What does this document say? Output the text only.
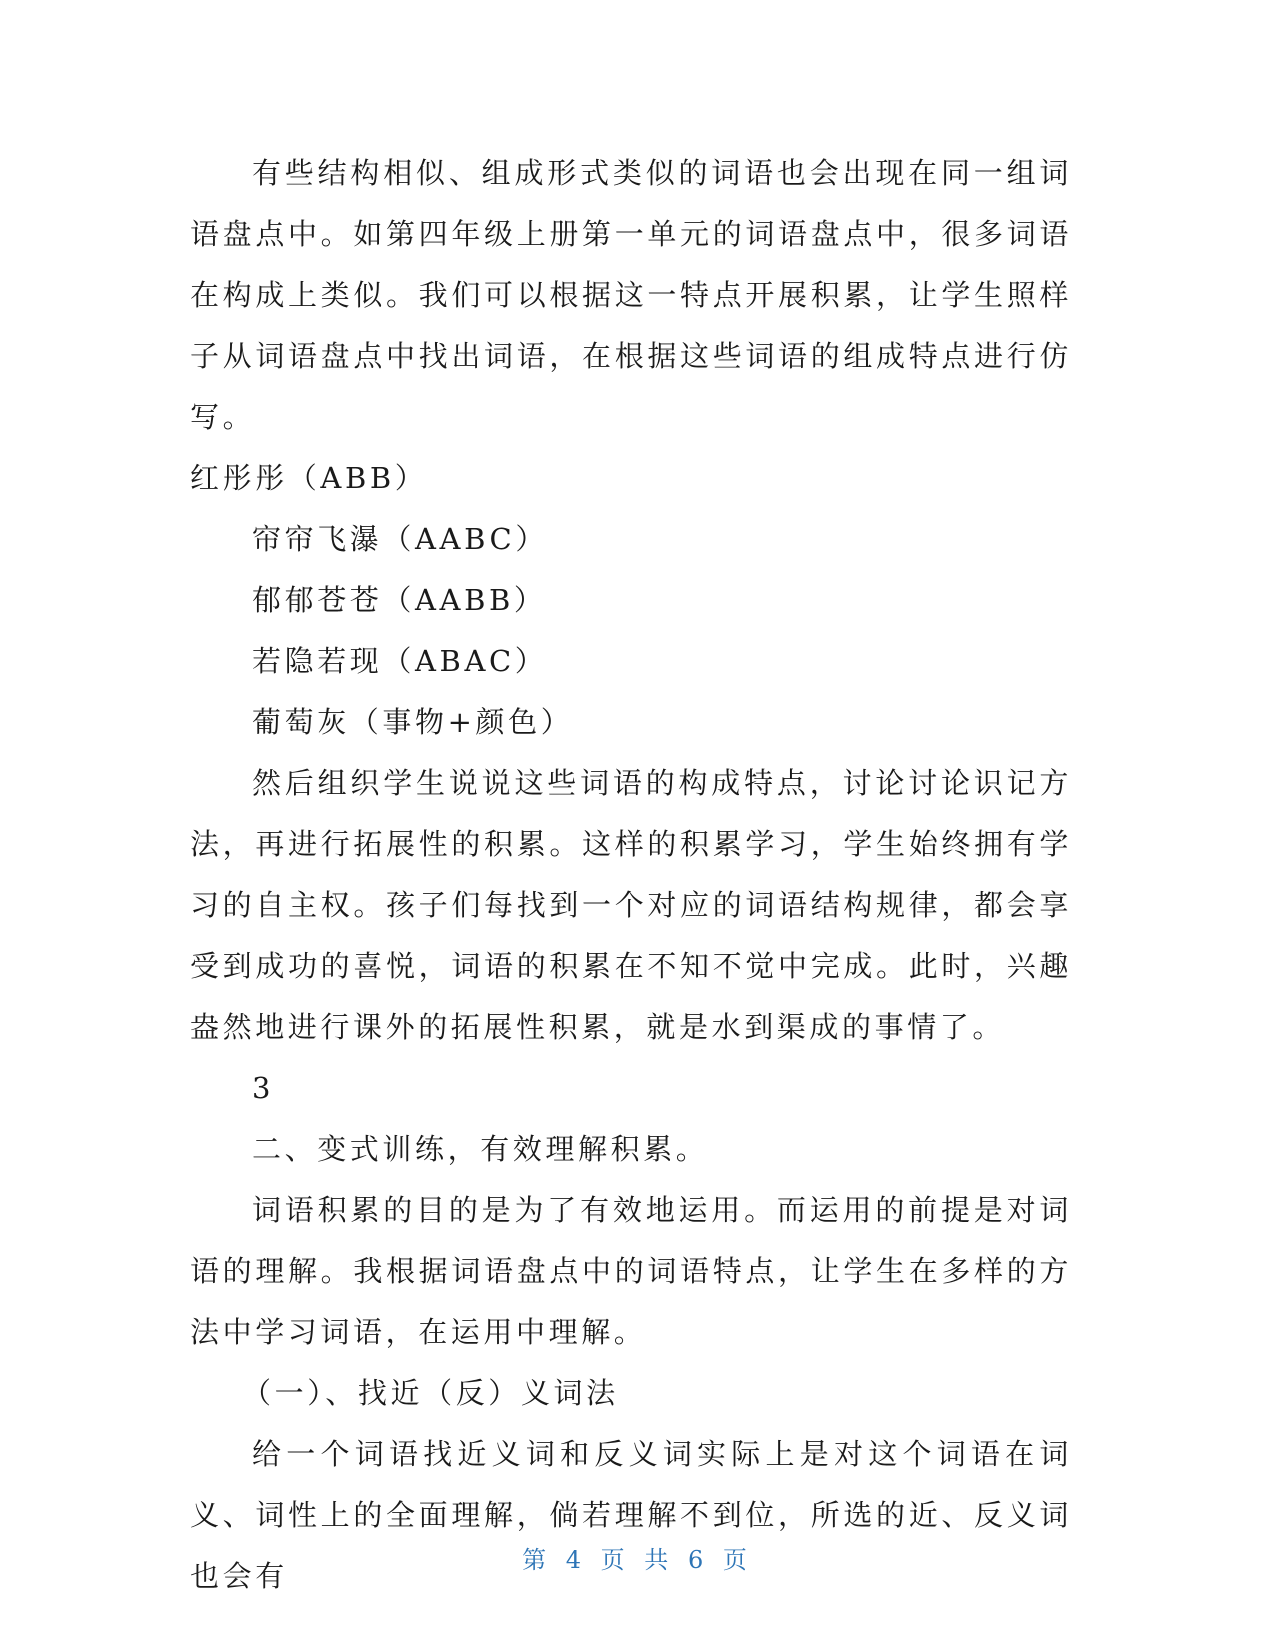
有些结构相似、组成形式类似的词语也会出现在同一组词语盘点中。如第四年级上册第一单元的词语盘点中，很多词语在构成上类似。我们可以根据这一特点开展积累，让学生照样子从词语盘点中找出词语，在根据这些词语的组成特点进行仿写。

红彤彤（ABB）

帘帘飞瀑（AABC）

郁郁苍苍（AABB）

若隐若现（ABAC）

葡萄灰（事物+颜色）

然后组织学生说说这些词语的构成特点，讨论讨论识记方法，再进行拓展性的积累。这样的积累学习，学生始终拥有学习的自主权。孩子们每找到一个对应的词语结构规律，都会享受到成功的喜悦，词语的积累在不知不觉中完成。此时，兴趣盎然地进行课外的拓展性积累，就是水到渠成的事情了。

3

二、变式训练，有效理解积累。

词语积累的目的是为了有效地运用。而运用的前提是对词语的理解。我根据词语盘点中的词语特点，让学生在多样的方法中学习词语，在运用中理解。

（一）、找近（反）义词法

给一个词语找近义词和反义词实际上是对这个词语在词义、词性上的全面理解，倘若理解不到位，所选的近、反义词也会有	第 4 页 共 6 页
